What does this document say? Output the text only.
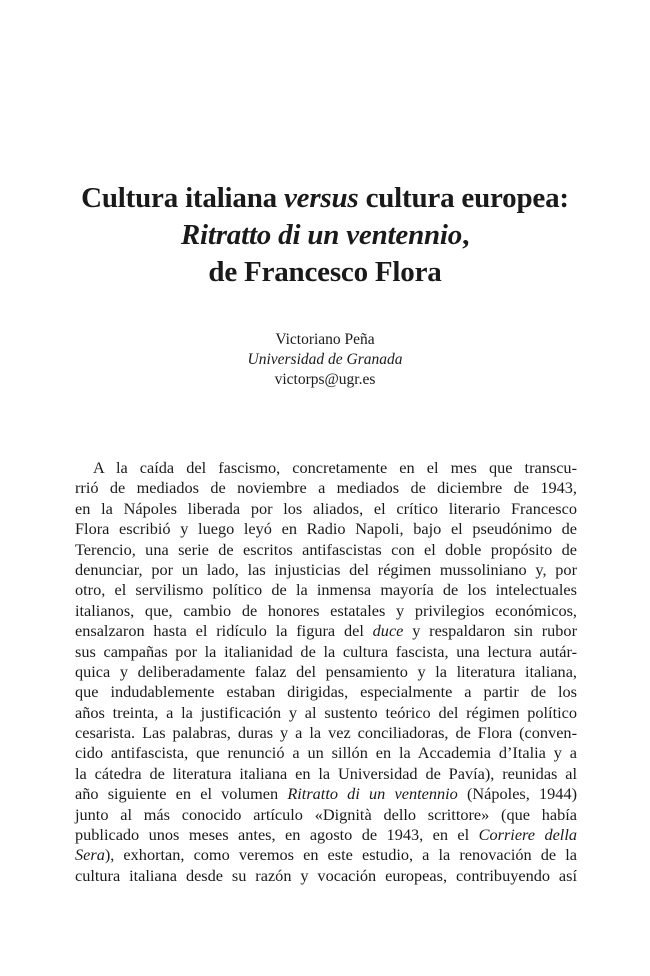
Cultura italiana versus cultura europea:
Ritratto di un ventennio,
de Francesco Flora
Victoriano Peña
Universidad de Granada
victorps@ugr.es
A la caída del fascismo, concretamente en el mes que transcu-
rrió de mediados de noviembre a mediados de diciembre de 1943,
en la Nápoles liberada por los aliados, el crítico literario Francesco
Flora escribió y luego leyó en Radio Napoli, bajo el pseudónimo de
Terencio, una serie de escritos antifascistas con el doble propósito de
denunciar, por un lado, las injusticias del régimen mussoliniano y, por
otro, el servilismo político de la inmensa mayoría de los intelectuales
italianos, que, cambio de honores estatales y privilegios económicos,
ensalzaron hasta el ridículo la figura del duce y respaldaron sin rubor
sus campañas por la italianidad de la cultura fascista, una lectura autár-
quica y deliberadamente falaz del pensamiento y la literatura italiana,
que indudablemente estaban dirigidas, especialmente a partir de los
años treinta, a la justificación y al sustento teórico del régimen político
cesarista. Las palabras, duras y a la vez conciliadoras, de Flora (conven-
cido antifascista, que renunció a un sillón en la Accademia d’Italia y a
la cátedra de literatura italiana en la Universidad de Pavía), reunidas al
año siguiente en el volumen Ritratto di un ventennio (Nápoles, 1944)
junto al más conocido artículo «Dignità dello scrittore» (que había
publicado unos meses antes, en agosto de 1943, en el Corriere della
Sera), exhortan, como veremos en este estudio, a la renovación de la
cultura italiana desde su razón y vocación europeas, contribuyendo así
